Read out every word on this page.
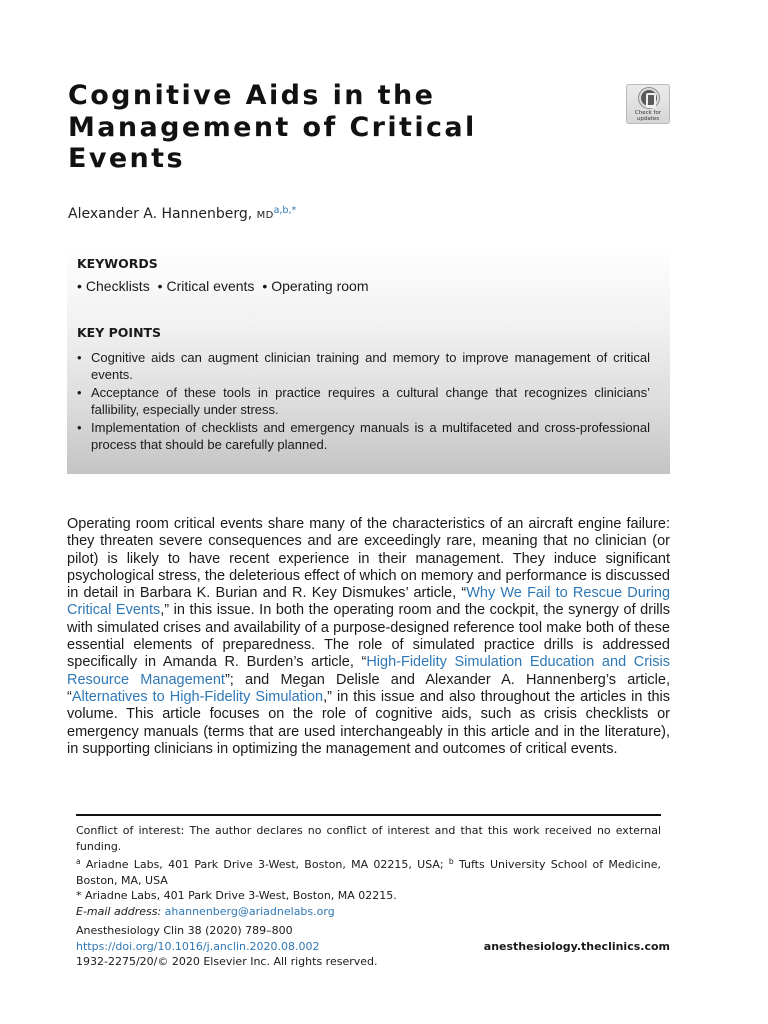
Cognitive Aids in the Management of Critical Events
Check for updates
Alexander A. Hannenberg, $MD^{a,b,*}$
KEYWORDS
• Checklists • Critical events • Operating room
KEY POINTS
• Cognitive aids can augment clinician training and memory to improve management of critical events.
• Acceptance of these tools in practice requires a cultural change that recognizes clinicians’ fallibility, especially under stress.
• Implementation of checklists and emergency manuals is a multifaceted and cross-professional process that should be carefully planned.

Operating room critical events share many of the characteristics of an aircraft engine failure: they threaten severe consequences and are exceedingly rare, meaning that no clinician (or pilot) is likely to have recent experience in their management. They induce significant psychological stress, the deleterious effect of which on memory and performance is discussed in detail in Barbara K. Burian and R. Key Dismukes’ article, “Why We Fail to Rescue During Critical Events,” in this issue. In both the operating room and the cockpit, the synergy of drills with simulated crises and availability of a purpose-designed reference tool make both of these essential elements of preparedness. The role of simulated practice drills is addressed specifically in Amanda R. Burden’s article, “High-Fidelity Simulation Education and Crisis Resource Management”; and Megan Delisle and Alexander A. Hannenberg’s article, “Alternatives to High-Fidelity Simulation,” in this issue and also throughout the articles in this volume. This article focuses on the role of cognitive aids, such as crisis checklists or emergency manuals (terms that are used interchangeably in this article and in the literature), in supporting clinicians in optimizing the management and outcomes of critical events.

Conflict of interest: The author declares no conflict of interest and that this work received no external funding.
$^a$ Ariadne Labs, 401 Park Drive 3-West, Boston, MA 02215, USA; $^b$ Tufts University School of Medicine, Boston, MA, USA
* Ariadne Labs, 401 Park Drive 3-West, Boston, MA 02215.
E-mail address: ahannenberg@ariadnelabs.org
Anesthesiology Clin 38 (2020) 789–800
https://doi.org/10.1016/j.anclin.2020.08.002
1932-2275/20/© 2020 Elsevier Inc. All rights reserved.
anesthesiology.theclinics.com
